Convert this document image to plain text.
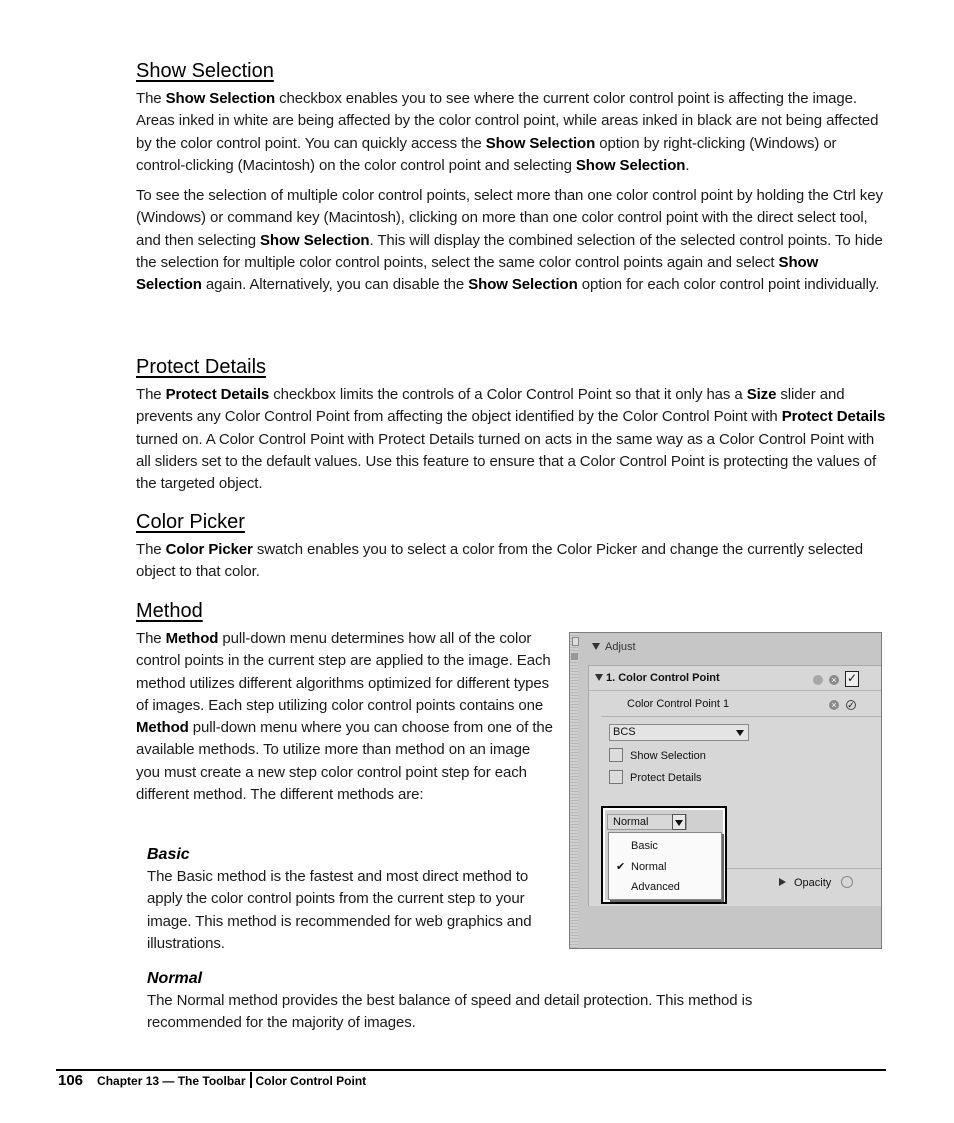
Show Selection

The Show Selection checkbox enables you to see where the current color control point is affecting the image. Areas inked in white are being affected by the color control point, while areas inked in black are not being affected by the color control point. You can quickly access the Show Selection option by right-clicking (Windows) or control-clicking (Macintosh) on the color control point and selecting Show Selection.

To see the selection of multiple color control points, select more than one color control point by holding the Ctrl key (Windows) or command key (Macintosh), clicking on more than one color control point with the direct select tool, and then selecting Show Selection. This will display the combined selection of the selected control points. To hide the selection for multiple color control points, select the same color control points again and select Show Selection again. Alternatively, you can disable the Show Selection option for each color control point individually.

Protect Details

The Protect Details checkbox limits the controls of a Color Control Point so that it only has a Size slider and prevents any Color Control Point from affecting the object identified by the Color Control Point with Protect Details turned on. A Color Control Point with Protect Details turned on acts in the same way as a Color Control Point with all sliders set to the default values. Use this feature to ensure that a Color Control Point is protecting the values of the targeted object.

Color Picker

The Color Picker swatch enables you to select a color from the Color Picker and change the currently selected object to that color.

Method

The Method pull-down menu determines how all of the color control points in the current step are applied to the image. Each method utilizes different algorithms optimized for different types of images. Each step utilizing color control points contains one Method pull-down menu where you can choose from one of the available methods. To utilize more than method on an image you must create a new step color control point step for each different method. The different methods are:

Basic

The Basic method is the fastest and most direct method to apply the color control points from the current step to your image. This method is recommended for web graphics and illustrations.

Normal

The Normal method provides the best balance of speed and detail protection. This method is recommended for the majority of images.

Adjust
1. Color Control Point	× ✓
Color Control Point 1	× ✓
BCS
Show Selection
Protect Details
Opacity
Normal
Basic
✔ Normal
Advanced
106 Chapter 13 — The Toolbar Color Control Point
